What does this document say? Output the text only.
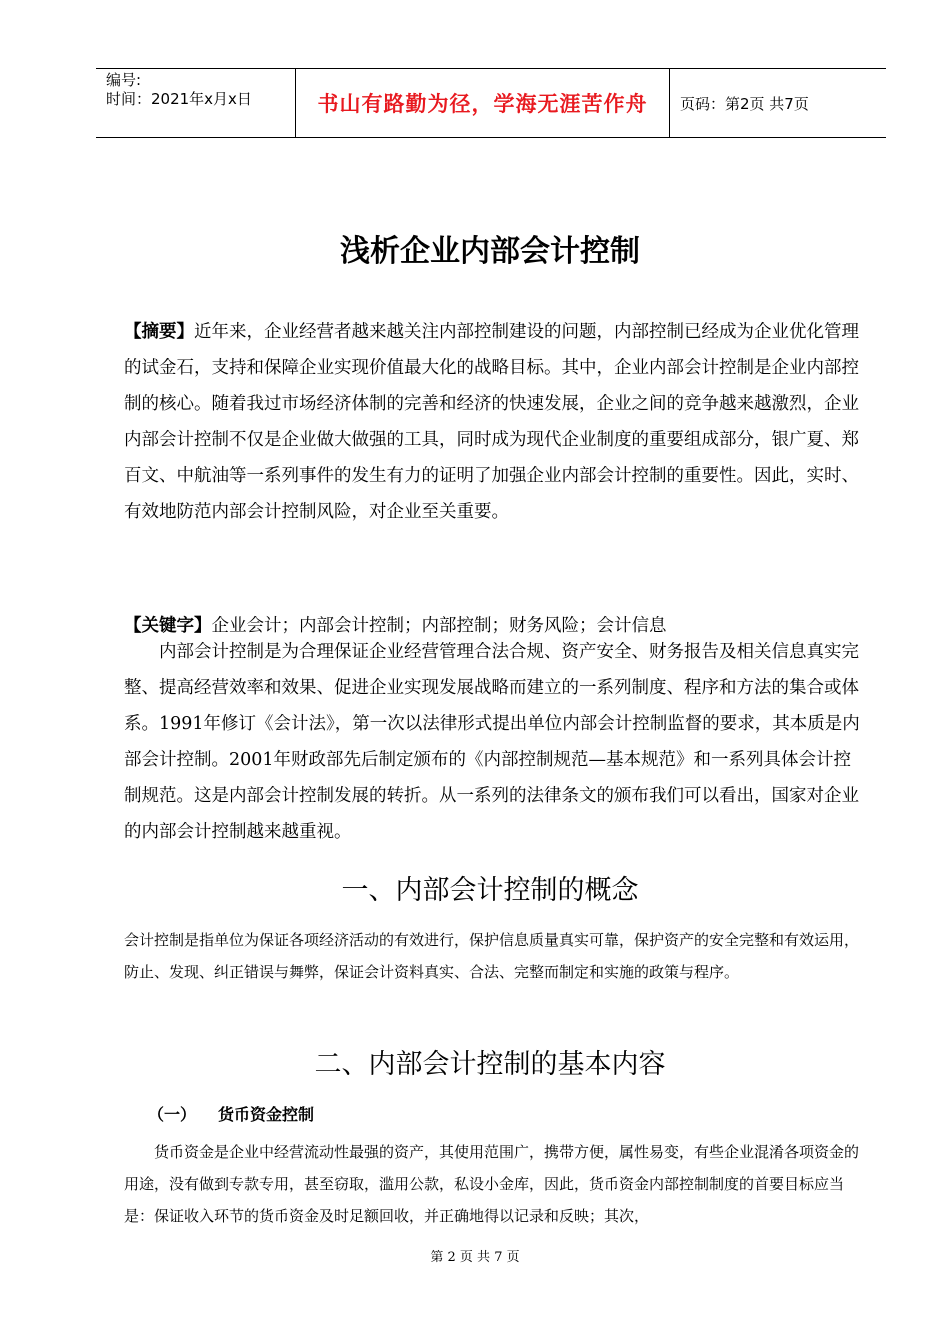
编号:
时间：2021年x月x日	书山有路勤为径，学海无涯苦作舟	页码：第2页 共7页
浅析企业内部会计控制

【摘要】近年来，企业经营者越来越关注内部控制建设的问题，内部控制已经成为企业优化管理的试金石，支持和保障企业实现价值最大化的战略目标。其中，企业内部会计控制是企业内部控制的核心。随着我过市场经济体制的完善和经济的快速发展，企业之间的竞争越来越激烈，企业内部会计控制不仅是企业做大做强的工具，同时成为现代企业制度的重要组成部分，银广夏、郑百文、中航油等一系列事件的发生有力的证明了加强企业内部会计控制的重要性。因此，实时、有效地防范内部会计控制风险，对企业至关重要。

【关键字】企业会计；内部会计控制；内部控制；财务风险；会计信息

内部会计控制是为合理保证企业经营管理合法合规、资产安全、财务报告及相关信息真实完整、提高经营效率和效果、促进企业实现发展战略而建立的一系列制度、程序和方法的集合或体系。1991年修订《会计法》，第一次以法律形式提出单位内部会计控制监督的要求，其本质是内部会计控制。2001年财政部先后制定颁布的《内部控制规范—基本规范》和一系列具体会计控制规范。这是内部会计控制发展的转折。从一系列的法律条文的颁布我们可以看出，国家对企业的内部会计控制越来越重视。

一、内部会计控制的概念

会计控制是指单位为保证各项经济活动的有效进行，保护信息质量真实可靠，保护资产的安全完整和有效运用，防止、发现、纠正错误与舞弊，保证会计资料真实、合法、完整而制定和实施的政策与程序。

二、内部会计控制的基本内容
（一） 货币资金控制

货币资金是企业中经营流动性最强的资产，其使用范围广，携带方便，属性易变，有些企业混淆各项资金的用途，没有做到专款专用，甚至窃取，滥用公款，私设小金库，因此，货币资金内部控制制度的首要目标应当是：保证收入环节的货币资金及时足额回收，并正确地得以记录和反映；其次，

第 2 页 共 7 页
